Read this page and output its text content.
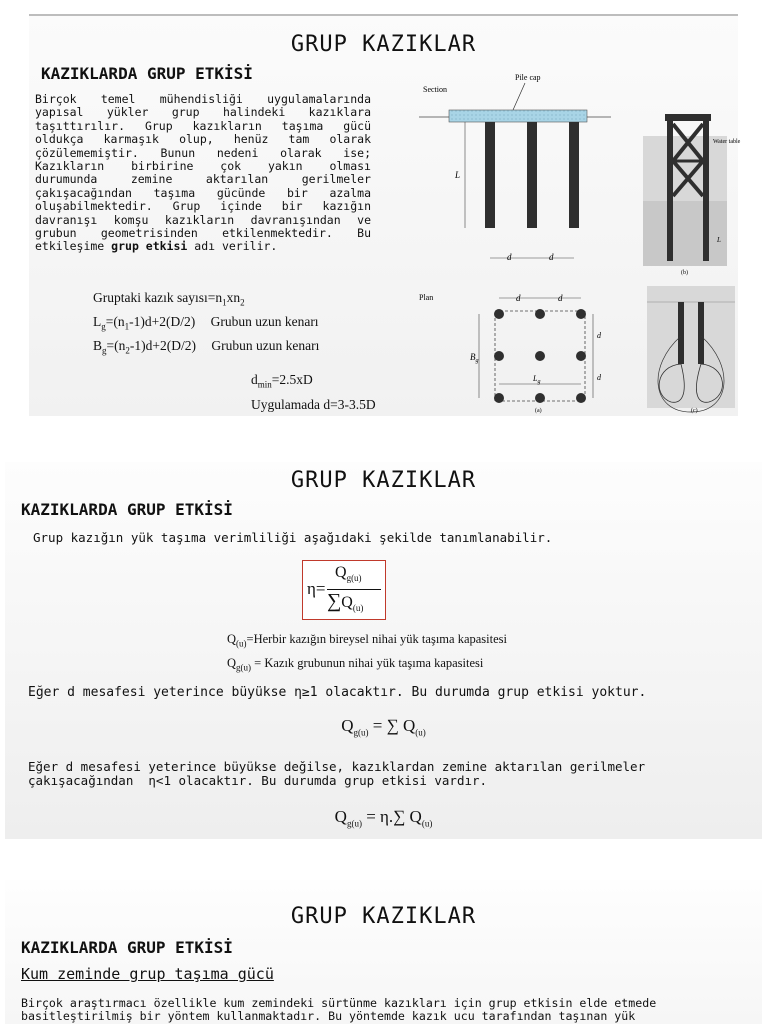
GRUP KAZIKLAR
KAZIKLARDA GRUP ETKİSİ
Birçok temel mühendisliği uygulamalarında
yapısal yükler grup halindeki kazıklara
taşıttırılır. Grup kazıkların taşıma gücü
oldukça karmaşık olup, henüz tam olarak
çözülememiştir. Bunun nedeni olarak ise;
Kazıkların birbirine çok yakın olması
durumunda zemine aktarılan gerilmeler
çakışacağından taşıma gücünde bir azalma
oluşabilmektedir. Grup içinde bir kazığın
davranışı komşu kazıkların davranışından ve
grubun geometrisinden etkilenmektedir. Bu
etkileşime grup etkisi adı verilir.
Gruptaki kazık $sayısı=n_1xn_2$
$L_g=(n_1-1)d+2(D/2)$ Grubun uzun kenarı
$B_g=(n_2-1)d+2(D/2)$ Grubun uzun kenarı
$d_{min}=2.5xD$
Uygulamada d=3-3.5D
Section
Pile cap
L
d	d
Water table
L
(b)
Plan	d	d
d
d
$B_g$
$L_g$
(a)	(c)
GRUP KAZIKLAR
KAZIKLARDA GRUP ETKİSİ
Grup kazığın yük taşıma verimliliği aşağıdaki şekilde tanımlanabilir.
η=
$Q_{g(u)}$
$\sum Q_{(u)}$
$Q_{(u)}=Herbir$ kazığın bireysel nihai yük taşıma kapasitesi
$Q_{g(u)}$ = Kazık grubunun nihai yük taşıma kapasitesi
Eğer d mesafesi yeterince büyükse η≥1 olacaktır. Bu durumda grup etkisi yoktur.
$Q_{g(u)}$ = ∑ $Q_{(u)}$
Eğer d mesafesi yeterince büyükse değilse, kazıklardan zemine aktarılan gerilmeler
çakışacağından  η<1 olacaktır. Bu durumda grup etkisi vardır.
$Q_{g(u)} = \eta.\sum$ $Q_{(u)}$
GRUP KAZIKLAR
KAZIKLARDA GRUP ETKİSİ
Kum zeminde grup taşıma gücü
Birçok araştırmacı özellikle kum zemindeki sürtünme kazıkları için grup etkisin elde etmede
basitleştirilmiş bir yöntem kullanmaktadır. Bu yöntemde kazık ucu tarafından taşınan yük
